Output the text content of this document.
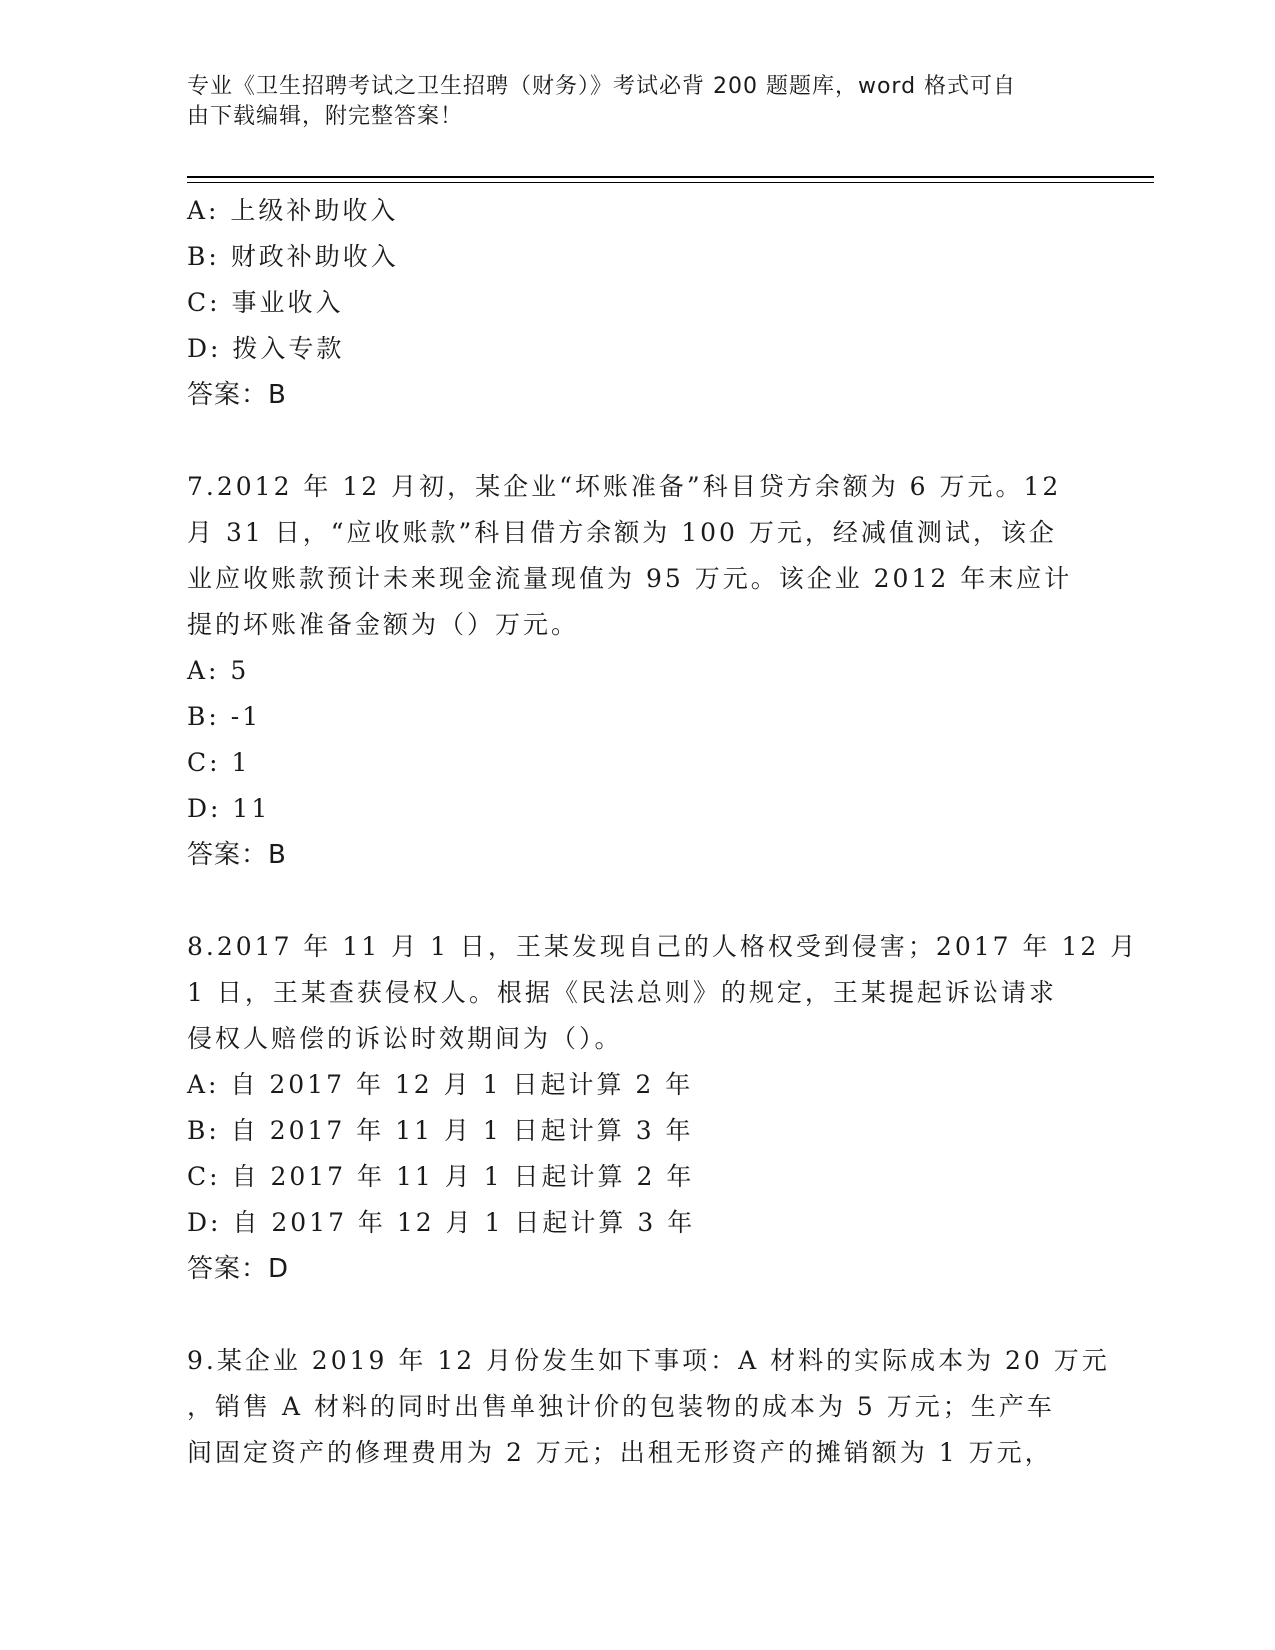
专业《卫生招聘考试之卫生招聘（财务）》考试必背 200 题题库，word 格式可自
由下载编辑，附完整答案！
A: 上级补助收入
B: 财政补助收入
C: 事业收入
D: 拨入专款
答案：B
7.2012 年 12 月初，某企业“坏账准备”科目贷方余额为 6 万元。12
月 31 日，“应收账款”科目借方余额为 100 万元，经减值测试，该企
业应收账款预计未来现金流量现值为 95 万元。该企业 2012 年末应计
提的坏账准备金额为（）万元。
A: 5
B: -1
C: 1
D: 11
答案：B
8.2017 年 11 月 1 日，王某发现自己的人格权受到侵害；2017 年 12 月
1 日，王某查获侵权人。根据《民法总则》的规定，王某提起诉讼请求
侵权人赔偿的诉讼时效期间为（）。
A: 自 2017 年 12 月 1 日起计算 2 年
B: 自 2017 年 11 月 1 日起计算 3 年
C: 自 2017 年 11 月 1 日起计算 2 年
D: 自 2017 年 12 月 1 日起计算 3 年
答案：D
9.某企业 2019 年 12 月份发生如下事项：A 材料的实际成本为 20 万元
，销售 A 材料的同时出售单独计价的包装物的成本为 5 万元；生产车
间固定资产的修理费用为 2 万元；出租无形资产的摊销额为 1 万元，
